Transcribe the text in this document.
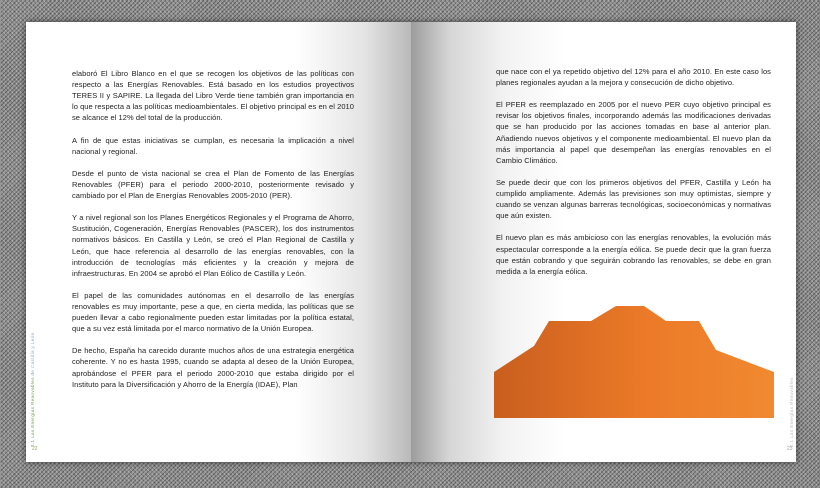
2.1 Las Energías Renovables de Castilla y León
22

elaboró El Libro Blanco en el que se recogen los objetivos de las políticas con respecto a las Energías Renovables. Está basado en los estudios proyectivos TERES II y SAPIRE. La llegada del Libro Verde tiene también gran importancia en lo que respecta a las políticas medioambientales. El objetivo principal es en el 2010 se alcance el 12% del total de la producción.

A fin de que estas iniciativas se cumplan, es necesaria la implicación a nivel nacional y regional.

Desde el punto de vista nacional se crea el Plan de Fomento de las Energías Renovables (PFER) para el periodo 2000-2010, posteriormente revisado y cambiado por el Plan de Energías Renovables 2005-2010 (PER).

Y a nivel regional son los Planes Energéticos Regionales y el Programa de Ahorro, Sustitución, Cogeneración, Energías Renovables (PASCER), los dos instrumentos normativos básicos. En Castilla y León, se creó el Plan Regional de Castilla y León, que hace referencia al desarrollo de las energías renovables, con la introducción de tecnologías más eficientes y la creación y mejora de infraestructuras. En 2004 se aprobó el Plan Eólico de Castilla y León.

El papel de las comunidades autónomas en el desarrollo de las energías renovables es muy importante, pese a que, en cierta medida, las políticas que se pueden llevar a cabo regionalmente pueden estar limitadas por la política estatal, que a su vez está limitada por el marco normativo de la Unión Europea.

De hecho, España ha carecido durante muchos años de una estrategia energética coherente. Y no es hasta 1995, cuando se adapta al deseo de la Unión Europea, aprobándose el PFER para el periodo 2000-2010 que estaba dirigido por el Instituto para la Diversificación y Ahorro de la Energía (IDAE), Plan	2.1 Las Energías Renovables
23

que nace con el ya repetido objetivo del 12% para el año 2010. En este caso los planes regionales ayudan a la mejora y consecución de dicho objetivo.

El PFER es reemplazado en 2005 por el nuevo PER cuyo objetivo principal es revisar los objetivos finales, incorporando además las modificaciones derivadas que se han producido por las acciones tomadas en base al anterior plan. Añadiendo nuevos objetivos y el componente medioambiental. El nuevo plan da más importancia al papel que desempeñan las energías renovables en el Cambio Climático.

Se puede decir que con los primeros objetivos del PFER, Castilla y León ha cumplido ampliamente. Además las previsiones son muy optimistas, siempre y cuando se venzan algunas barreras tecnológicas, socioeconómicas y normativas que aún existen.

El nuevo plan es más ambicioso con las energías renovables, la evolución más espectacular corresponde a la energía eólica. Se puede decir que la gran fuerza que están cobrando y que seguirán cobrando las renovables, se debe en gran medida a la energía eólica.
